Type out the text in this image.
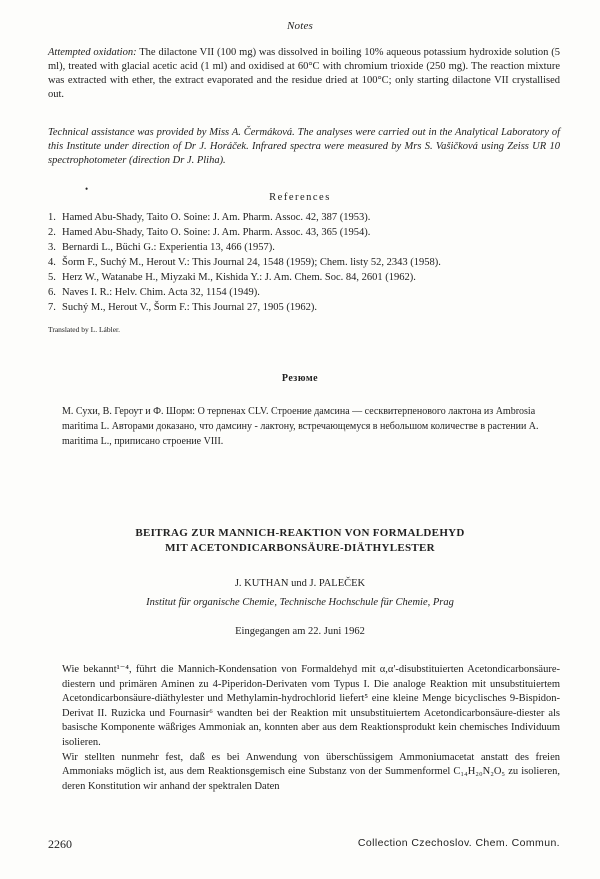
Notes
Attempted oxidation: The dilactone VII (100 mg) was dissolved in boiling 10% aqueous potassium hydroxide solution (5 ml), treated with glacial acetic acid (1 ml) and oxidised at 60°C with chromium trioxide (250 mg). The reaction mixture was extracted with ether, the extract evaporated and the residue dried at 100°C; only starting dilactone VII crystallised out.
Technical assistance was provided by Miss A. Čermáková. The analyses were carried out in the Analytical Laboratory of this Institute under direction of Dr J. Horáček. Infrared spectra were measured by Mrs S. Vašičková using Zeiss UR 10 spectrophotometer (direction Dr J. Pliha).
•
References
1. Hamed Abu-Shady, Taito O. Soine: J. Am. Pharm. Assoc. 42, 387 (1953).
2. Hamed Abu-Shady, Taito O. Soine: J. Am. Pharm. Assoc. 43, 365 (1954).
3. Bernardi L., Büchi G.: Experientia 13, 466 (1957).
4. Šorm F., Suchý M., Herout V.: This Journal 24, 1548 (1959); Chem. listy 52, 2343 (1958).
5. Herz W., Watanabe H., Miyzaki M., Kishida Y.: J. Am. Chem. Soc. 84, 2601 (1962).
6. Naves I. R.: Helv. Chim. Acta 32, 1154 (1949).
7. Suchý M., Herout V., Šorm F.: This Journal 27, 1905 (1962).
Translated by L. Lábler.
Резюме
М. Сухи, В. Героут и Ф. Шорм: О терпенах CLV. Строение дамсина — сесквитерпенового лактона из Ambrosia maritima L. Авторами доказано, что дамсину - лактону, встречающемуся в небольшом количестве в растении A. maritima L., приписано строение VIII.
BEITRAG ZUR MANNICH-REAKTION VON FORMALDEHYD
MIT ACETONDICARBONSÄURE-DIÄTHYLESTER
J. KUTHAN und J. PALEČEK
Institut für organische Chemie, Technische Hochschule für Chemie, Prag
Eingegangen am 22. Juni 1962

Wie bekannt¹⁻⁴, führt die Mannich-Kondensation von Formaldehyd mit α,α'-disubstituierten Acetondicarbonsäure-diestern und primären Aminen zu 4-Piperidon-Derivaten vom Typus I. Die analoge Reaktion mit unsubstituiertem Acetondicarbonsäure-diäthylester und Methylamin-hydrochlorid liefert⁵ eine kleine Menge bicyclisches 9-Bispidon-Derivat II. Ruzicka und Fournasir⁶ wandten bei der Reaktion mit unsubstituiertem Acetondicarbonsäure-diester als basische Komponente wäßriges Ammoniak an, konnten aber aus dem Reaktionsprodukt kein chemisches Individuum isolieren.

Wir stellten nunmehr fest, daß es bei Anwendung von überschüssigem Ammoniumacetat anstatt des freien Ammoniaks möglich ist, aus dem Reaktionsgemisch eine Substanz von der Summenformel C₁₄H₂₀N₂O₅ zu isolieren, deren Konstitution wir anhand der spektralen Daten

2260	Collection Czechoslov. Chem. Commun.
